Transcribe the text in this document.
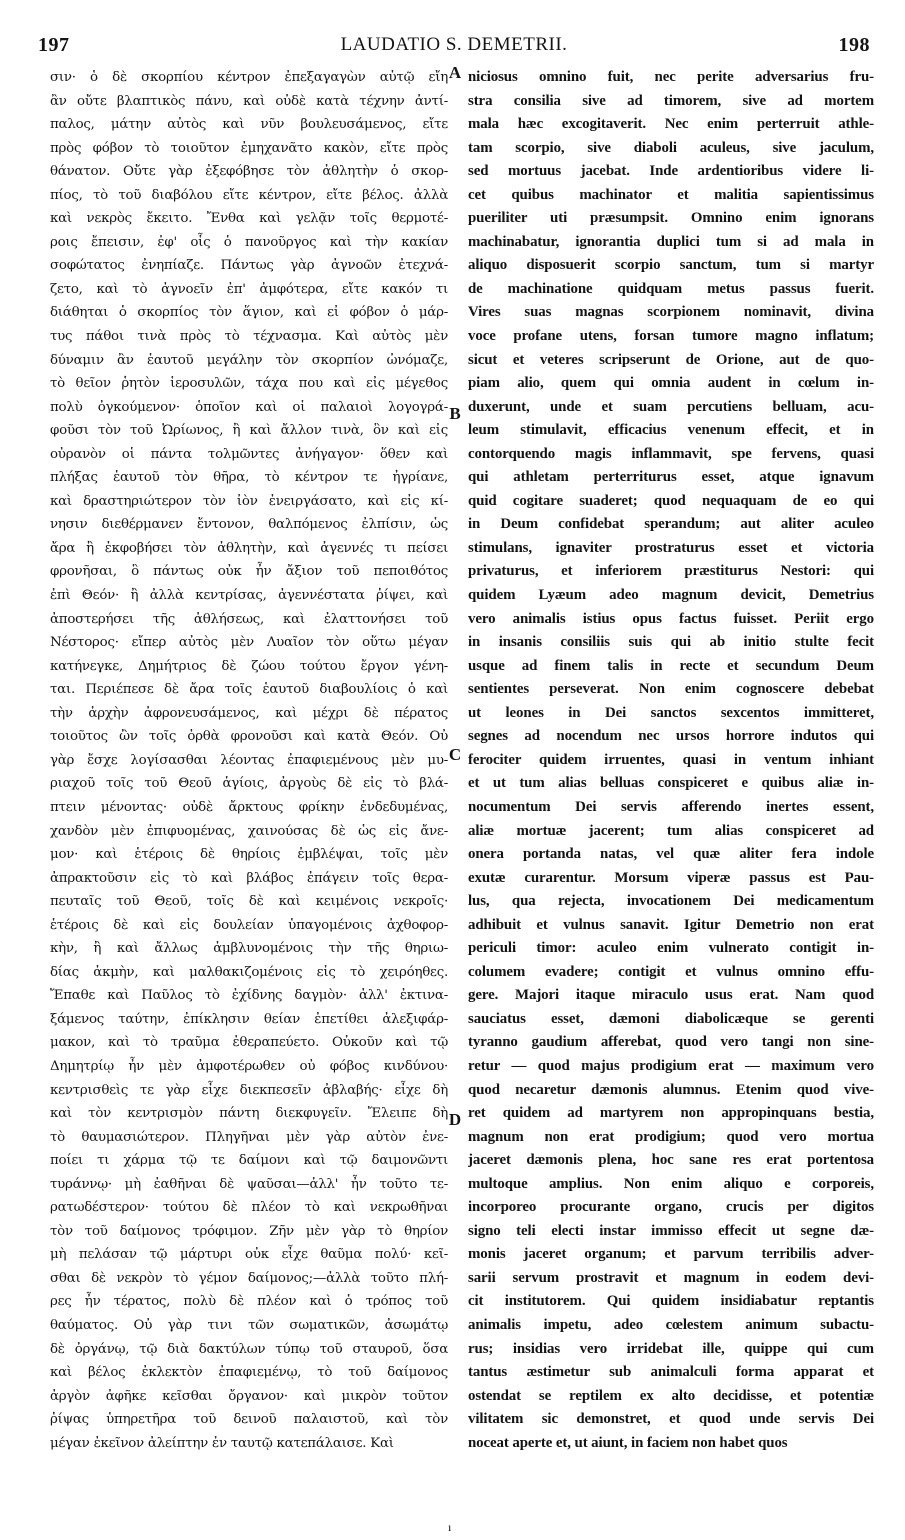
197	LAUDATIO S. DEMETRII.	198
σιν· ὁ δὲ σκορπίου κέντρον ἐπεξαγαγὼν αὐτῷ εἴη
ἂν οὔτε βλαπτικὸς πάνυ, καὶ οὐδὲ κατὰ τέχνην ἀντί-
παλος, μάτην αὐτὸς καὶ νῦν βουλευσάμενος, εἴτε
πρὸς φόβον τὸ τοιοῦτον ἐμηχανᾶτο κακὸν, εἴτε πρὸς
θάνατον. Οὔτε γὰρ ἐξεφόβησε τὸν ἀθλητὴν ὁ σκορ-
πίος, τὸ τοῦ διαβόλου εἴτε κέντρον, εἴτε βέλος. ἀλλὰ
καὶ νεκρὸς ἔκειτο. Ἔνθα καὶ γελᾷν τοῖς θερμοτέ-
ροις ἔπεισιν, ἐφ' οἷς ὁ πανοῦργος καὶ τὴν κακίαν
σοφώτατος ἐνηπίαζε. Πάντως γὰρ ἀγνοῶν ἐτεχνά-
ζετο, καὶ τὸ ἀγνοεῖν ἐπ' ἀμφότερα, εἴτε κακόν τι
διάθηται ὁ σκορπίος τὸν ἅγιον, καὶ εἰ φόβον ὁ μάρ-
τυς πάθοι τινὰ πρὸς τὸ τέχνασμα. Καὶ αὐτὸς μὲν
δύναμιν ἂν ἑαυτοῦ μεγάλην τὸν σκορπίον ὠνόμαζε,
τὸ θεῖον ῥητὸν ἱεροσυλῶν, τάχα που καὶ εἰς μέγεθος
πολὺ ὀγκούμενον· ὁποῖον καὶ οἱ παλαιοὶ λογογρά-
φοῦσι τὸν τοῦ Ὠρίωνος, ἢ καὶ ἄλλον τινὰ, ὃν καὶ εἰς
οὐρανὸν οἱ πάντα τολμῶντες ἀνήγαγον· ὅθεν καὶ
πλήξας ἑαυτοῦ τὸν θῆρα, τὸ κέντρον τε ἠγρίανε,
καὶ δραστηριώτερον τὸν ἰὸν ἐνειργάσατο, καὶ εἰς κί-
νησιν διεθέρμανεν ἔντονον, θαλπόμενος ἐλπίσιν, ὡς
ἄρα ἢ ἐκφοβήσει τὸν ἀθλητὴν, καὶ ἀγεννές τι πείσει
φρονῆσαι, ὃ πάντως οὐκ ἦν ἄξιον τοῦ πεποιθότος
ἐπὶ Θεόν· ἢ ἀλλὰ κεντρίσας, ἀγεννέστατα ῥίψει, καὶ
ἀποστερήσει τῆς ἀθλήσεως, καὶ ἐλαττονήσει τοῦ
Νέστορος· εἴπερ αὐτὸς μὲν Λυαῖον τὸν οὕτω μέγαν
κατήνεγκε, Δημήτριος δὲ ζώου τούτου ἔργον γένη-
ται. Περιέπεσε δὲ ἄρα τοῖς ἑαυτοῦ διαβουλίοις ὁ καὶ
τὴν ἀρχὴν ἀφρονευσάμενος, καὶ μέχρι δὲ πέρατος
τοιοῦτος ὢν τοῖς ὀρθὰ φρονοῦσι καὶ κατὰ Θεόν. Οὐ
γὰρ ἔσχε λογίσασθαι λέοντας ἐπαφιεμένους μὲν μυ-
ριαχοῦ τοῖς τοῦ Θεοῦ ἁγίοις, ἀργοὺς δὲ εἰς τὸ βλά-
πτειν μένοντας· οὐδὲ ἄρκτους φρίκην ἐνδεδυμένας,
χανδὸν μὲν ἐπιφυομένας, χαινούσας δὲ ὡς εἰς ἄνε-
μον· καὶ ἑτέροις δὲ θηρίοις ἐμβλέψαι, τοῖς μὲν
ἀπρακτοῦσιν εἰς τὸ καὶ βλάβος ἐπάγειν τοῖς θερα-
πευταῖς τοῦ Θεοῦ, τοῖς δὲ καὶ κειμένοις νεκροῖς·
ἑτέροις δὲ καὶ εἰς δουλείαν ὑπαγομένοις ἀχθοφορ-
κὴν, ἢ καὶ ἄλλως ἀμβλυνομένοις τὴν τῆς θηριω-
δίας ἀκμὴν, καὶ μαλθακιζομένοις εἰς τὸ χειρόηθες.
Ἔπαθε καὶ Παῦλος τὸ ἐχίδνης δαγμὸν· ἀλλ' ἐκτινα-
ξάμενος ταύτην, ἐπίκλησιν θείαν ἐπετίθει ἀλεξιφάρ-
μακον, καὶ τὸ τραῦμα ἐθεραπεύετο. Οὐκοῦν καὶ τῷ
Δημητρίῳ ἦν μὲν ἀμφοτέρωθεν οὐ φόβος κινδύνου·
κεντρισθεὶς τε γὰρ εἶχε διεκπεσεῖν ἀβλαβής· εἶχε δὴ
καὶ τὸν κεντρισμὸν πάντη διεκφυγεῖν. Ἔλειπε δὴ
τὸ θαυμασιώτερον. Πληγῆναι μὲν γὰρ αὐτὸν ἐνε-
ποίει τι χάρμα τῷ τε δαίμονι καὶ τῷ δαιμονῶντι
τυράννῳ· μὴ ἐαθῆναι δὲ ψαῦσαι—ἀλλ' ἦν τοῦτο τε-
ρατωδέστερον· τούτου δὲ πλέον τὸ καὶ νεκρωθῆναι
τὸν τοῦ δαίμονος τρόφιμον. Ζῆν μὲν γὰρ τὸ θηρίον
μὴ πελάσαν τῷ μάρτυρι οὐκ εἶχε θαῦμα πολύ· κεῖ-
σθαι δὲ νεκρὸν τὸ γέμον δαίμονος;—ἀλλὰ τοῦτο πλή-
ρες ἦν τέρατος, πολὺ δὲ πλέον καὶ ὁ τρόπος τοῦ
θαύματος. Οὐ γὰρ τινι τῶν σωματικῶν, ἀσωμάτῳ
δὲ ὀργάνῳ, τῷ διὰ δακτύλων τύπῳ τοῦ σταυροῦ, ὅσα
καὶ βέλος ἐκλεκτὸν ἐπαφιεμένῳ, τὸ τοῦ δαίμονος
ἀργὸν ἀφῆκε κεῖσθαι ὄργανον· καὶ μικρὸν τοῦτον
ῥίψας ὑπηρετῆρα τοῦ δεινοῦ παλαιστοῦ, καὶ τὸν
μέγαν ἐκεῖνον ἀλείπτην ἐν ταυτῷ κατεπάλαισε. Καὶ
niciosus omnino fuit, nec perite adversarius fru-
stra consilia sive ad timorem, sive ad mortem
mala hæc excogitaverit. Nec enim perterruit athle-
tam scorpio, sive diaboli aculeus, sive jaculum,
sed mortuus jacebat. Inde ardentioribus videre li-
cet quibus machinator et malitia sapientissimus
pueriliter uti præsumpsit. Omnino enim ignorans
machinabatur, ignorantia duplici tum si ad mala in
aliquo disposuerit scorpio sanctum, tum si martyr
de machinatione quidquam metus passus fuerit.
Vires suas magnas scorpionem nominavit, divina
voce profane utens, forsan tumore magno inflatum;
sicut et veteres scripserunt de Orione, aut de quo-
piam alio, quem qui omnia audent in cœlum in-
duxerunt, unde et suam percutiens belluam, acu-
leum stimulavit, efficacius venenum effecit, et in
contorquendo magis inflammavit, spe fervens, quasi
qui athletam perterriturus esset, atque ignavum
quid cogitare suaderet; quod nequaquam de eo qui
in Deum confidebat sperandum; aut aliter aculeo
stimulans, ignaviter prostraturus esset et victoria
privaturus, et inferiorem præstiturus Nestori: qui
quidem Lyæum adeo magnum devicit, Demetrius
vero animalis istius opus factus fuisset. Periit ergo
in insanis consiliis suis qui ab initio stulte fecit
usque ad finem talis in recte et secundum Deum
sentientes perseverat. Non enim cognoscere debebat
ut leones in Dei sanctos sexcentos immitteret,
segnes ad nocendum nec ursos horrore indutos qui
ferociter quidem irruentes, quasi in ventum inhiant
et ut tum alias belluas conspiceret e quibus aliæ in-
nocumentum Dei servis afferendo inertes essent,
aliæ mortuæ jacerent; tum alias conspiceret ad
onera portanda natas, vel quæ aliter fera indole
exutæ curarentur. Morsum viperæ passus est Pau-
lus, qua rejecta, invocationem Dei medicamentum
adhibuit et vulnus sanavit. Igitur Demetrio non erat
periculi timor: aculeo enim vulnerato contigit in-
columem evadere; contigit et vulnus omnino effu-
gere. Majori itaque miraculo usus erat. Nam quod
sauciatus esset, dæmoni diabolicæque se gerenti
tyranno gaudium afferebat, quod vero tangi non sine-
retur — quod majus prodigium erat — maximum vero
quod necaretur dæmonis alumnus. Etenim quod vive-
ret quidem ad martyrem non appropinquans bestia,
magnum non erat prodigium; quod vero mortua
jaceret dæmonis plena, hoc sane res erat portentosa
multoque amplius. Non enim aliquo e corporeis,
incorporeo procurante organo, crucis per digitos
signo teli electi instar immisso effecit ut segne dæ-
monis jaceret organum; et parvum terribilis adver-
sarii servum prostravit et magnum in eodem devi-
cit institutorem. Qui quidem insidiabatur reptantis
animalis impetu, adeo cœlestem animum subactu-
rus; insidias vero irridebat ille, quippe qui cum
tantus æstimetur sub animalculi forma apparat et
ostendat se reptilem ex alto decidisse, et potentiæ
vilitatem sic demonstret, et quod unde servis Dei
noceat aperte et, ut aiunt, in faciem non habet quos
A
B
C
D
ı
